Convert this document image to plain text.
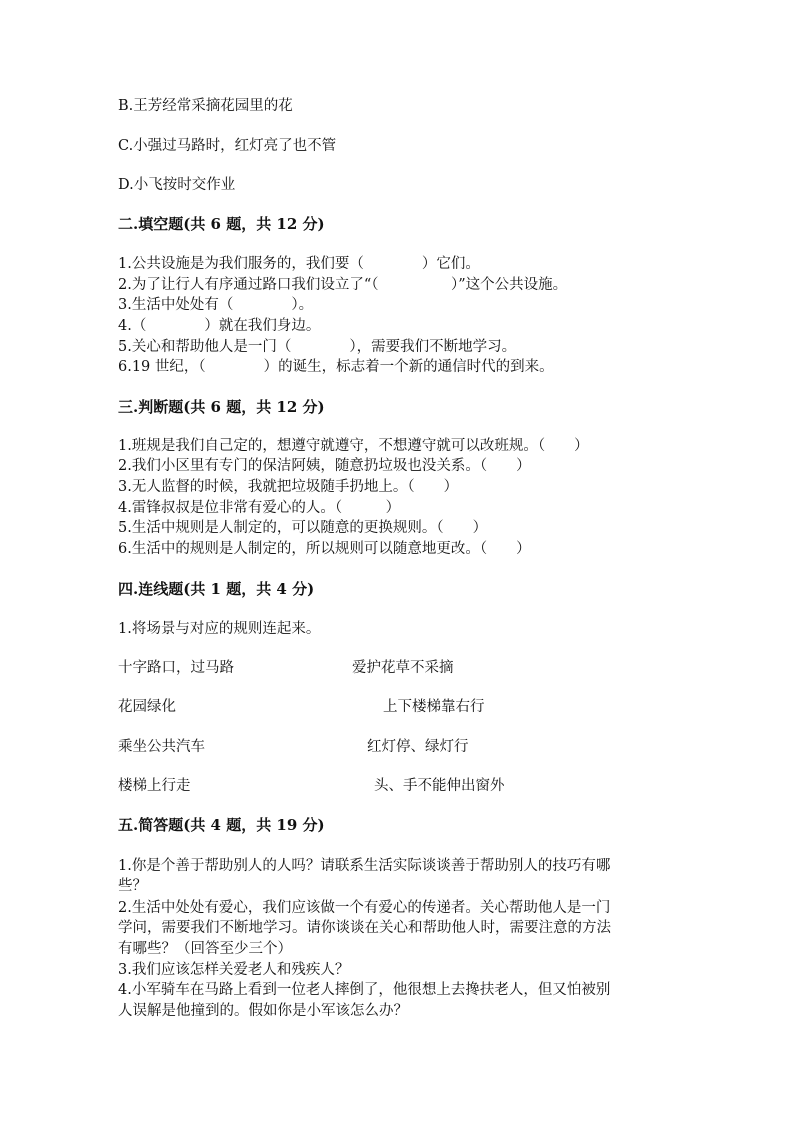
B.王芳经常采摘花园里的花

C.小强过马路时，红灯亮了也不管

D.小飞按时交作业

二.填空题(共 6 题，共 12 分)

1.公共设施是为我们服务的，我们要（　　　　）它们。

2.为了让行人有序通过路口我们设立了“（　　　　　）”这个公共设施。

3.生活中处处有（　　　　）。

4.（　　　　）就在我们身边。

5.关心和帮助他人是一门（　　　　），需要我们不断地学习。

6.19 世纪，（　　　　）的诞生，标志着一个新的通信时代的到来。

三.判断题(共 6 题，共 12 分)

1.班规是我们自己定的，想遵守就遵守，不想遵守就可以改班规。（　　）

2.我们小区里有专门的保洁阿姨，随意扔垃圾也没关系。（　　）

3.无人监督的时候，我就把垃圾随手扔地上。（　　）

4.雷锋叔叔是位非常有爱心的人。（　　　）

5.生活中规则是人制定的，可以随意的更换规则。（　　）

6.生活中的规则是人制定的，所以规则可以随意地更改。（　　）

四.连线题(共 1 题，共 4 分)

1.将场景与对应的规则连起来。

十字路口，过马路	爱护花草不采摘

花园绿化	上下楼梯靠右行

乘坐公共汽车	红灯停、绿灯行

楼梯上行走	头、手不能伸出窗外

五.简答题(共 4 题，共 19 分)

1.你是个善于帮助别人的人吗？请联系生活实际谈谈善于帮助别人的技巧有哪

些？

2.生活中处处有爱心，我们应该做一个有爱心的传递者。关心帮助他人是一门

学问，需要我们不断地学习。请你谈谈在关心和帮助他人时，需要注意的方法

有哪些？（回答至少三个）

3.我们应该怎样关爱老人和残疾人？

4.小军骑车在马路上看到一位老人摔倒了，他很想上去搀扶老人，但又怕被别

人误解是他撞到的。假如你是小军该怎么办？
